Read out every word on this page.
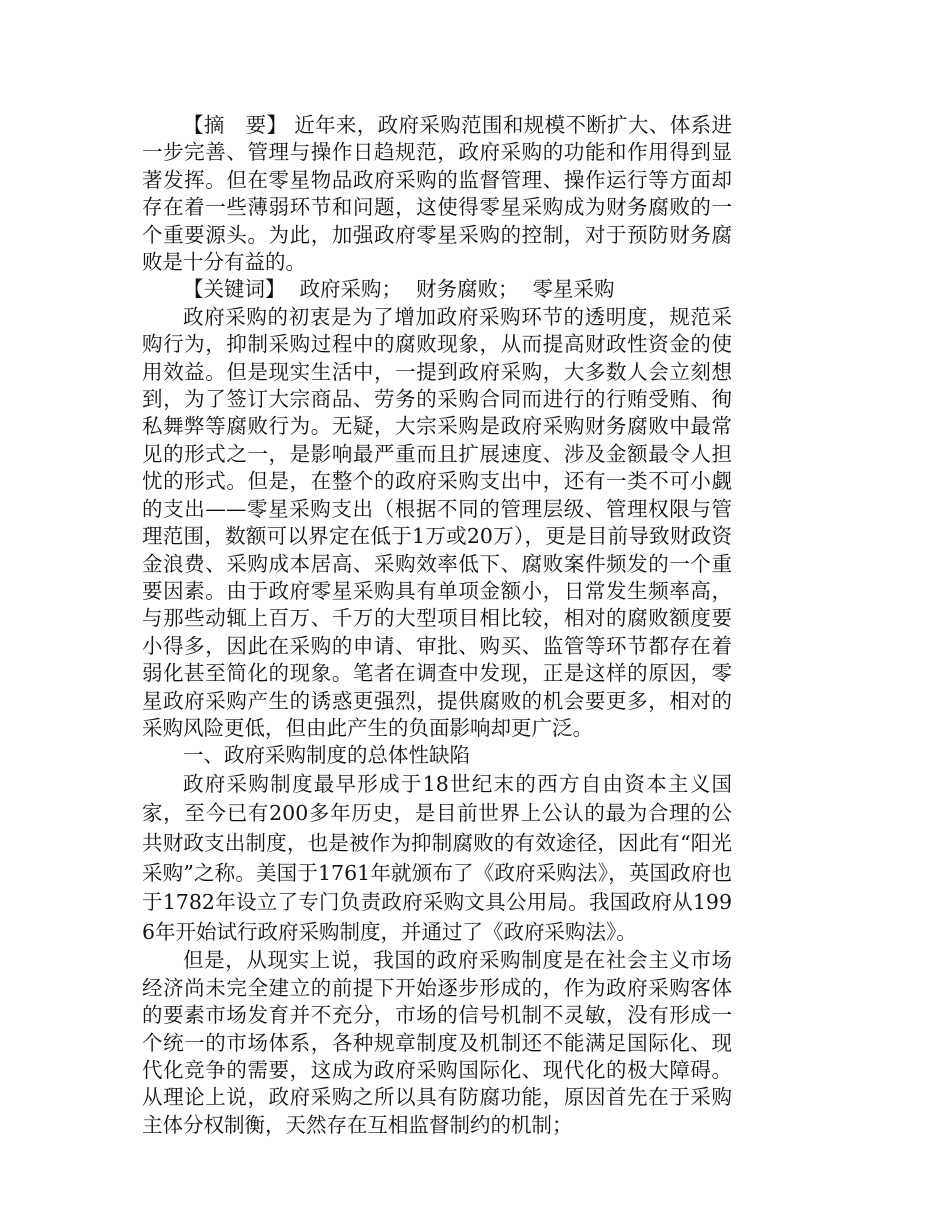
【摘　要】 近年来，政府采购范围和规模不断扩大、体系进一步完善、管理与操作日趋规范，政府采购的功能和作用得到显著发挥。但在零星物品政府采购的监督管理、操作运行等方面却存在着一些薄弱环节和问题，这使得零星采购成为财务腐败的一个重要源头。为此，加强政府零星采购的控制，对于预防财务腐败是十分有益的。

【关键词】 政府采购； 财务腐败； 零星采购

政府采购的初衷是为了增加政府采购环节的透明度，规范采购行为，抑制采购过程中的腐败现象，从而提高财政性资金的使用效益。但是现实生活中，一提到政府采购，大多数人会立刻想到，为了签订大宗商品、劳务的采购合同而进行的行贿受贿、徇私舞弊等腐败行为。无疑，大宗采购是政府采购财务腐败中最常见的形式之一，是影响最严重而且扩展速度、涉及金额最令人担忧的形式。但是，在整个的政府采购支出中，还有一类不可小觑的支出——零星采购支出（根据不同的管理层级、管理权限与管理范围，数额可以界定在低于1万或20万），更是目前导致财政资金浪费、采购成本居高、采购效率低下、腐败案件频发的一个重要因素。由于政府零星采购具有单项金额小，日常发生频率高，与那些动辄上百万、千万的大型项目相比较，相对的腐败额度要小得多，因此在采购的申请、审批、购买、监管等环节都存在着弱化甚至简化的现象。笔者在调查中发现，正是这样的原因，零星政府采购产生的诱惑更强烈，提供腐败的机会要更多，相对的采购风险更低，但由此产生的负面影响却更广泛。

一、政府采购制度的总体性缺陷

政府采购制度最早形成于18世纪末的西方自由资本主义国家，至今已有200多年历史，是目前世界上公认的最为合理的公共财政支出制度，也是被作为抑制腐败的有效途径，因此有“阳光采购”之称。美国于1761年就颁布了《政府采购法》，英国政府也于1782年设立了专门负责政府采购文具公用局。我国政府从1996年开始试行政府采购制度，并通过了《政府采购法》。

但是，从现实上说，我国的政府采购制度是在社会主义市场经济尚未完全建立的前提下开始逐步形成的，作为政府采购客体的要素市场发育并不充分，市场的信号机制不灵敏，没有形成一个统一的市场体系，各种规章制度及机制还不能满足国际化、现代化竞争的需要，这成为政府采购国际化、现代化的极大障碍。从理论上说，政府采购之所以具有防腐功能，原因首先在于采购主体分权制衡，天然存在互相监督制约的机制；
